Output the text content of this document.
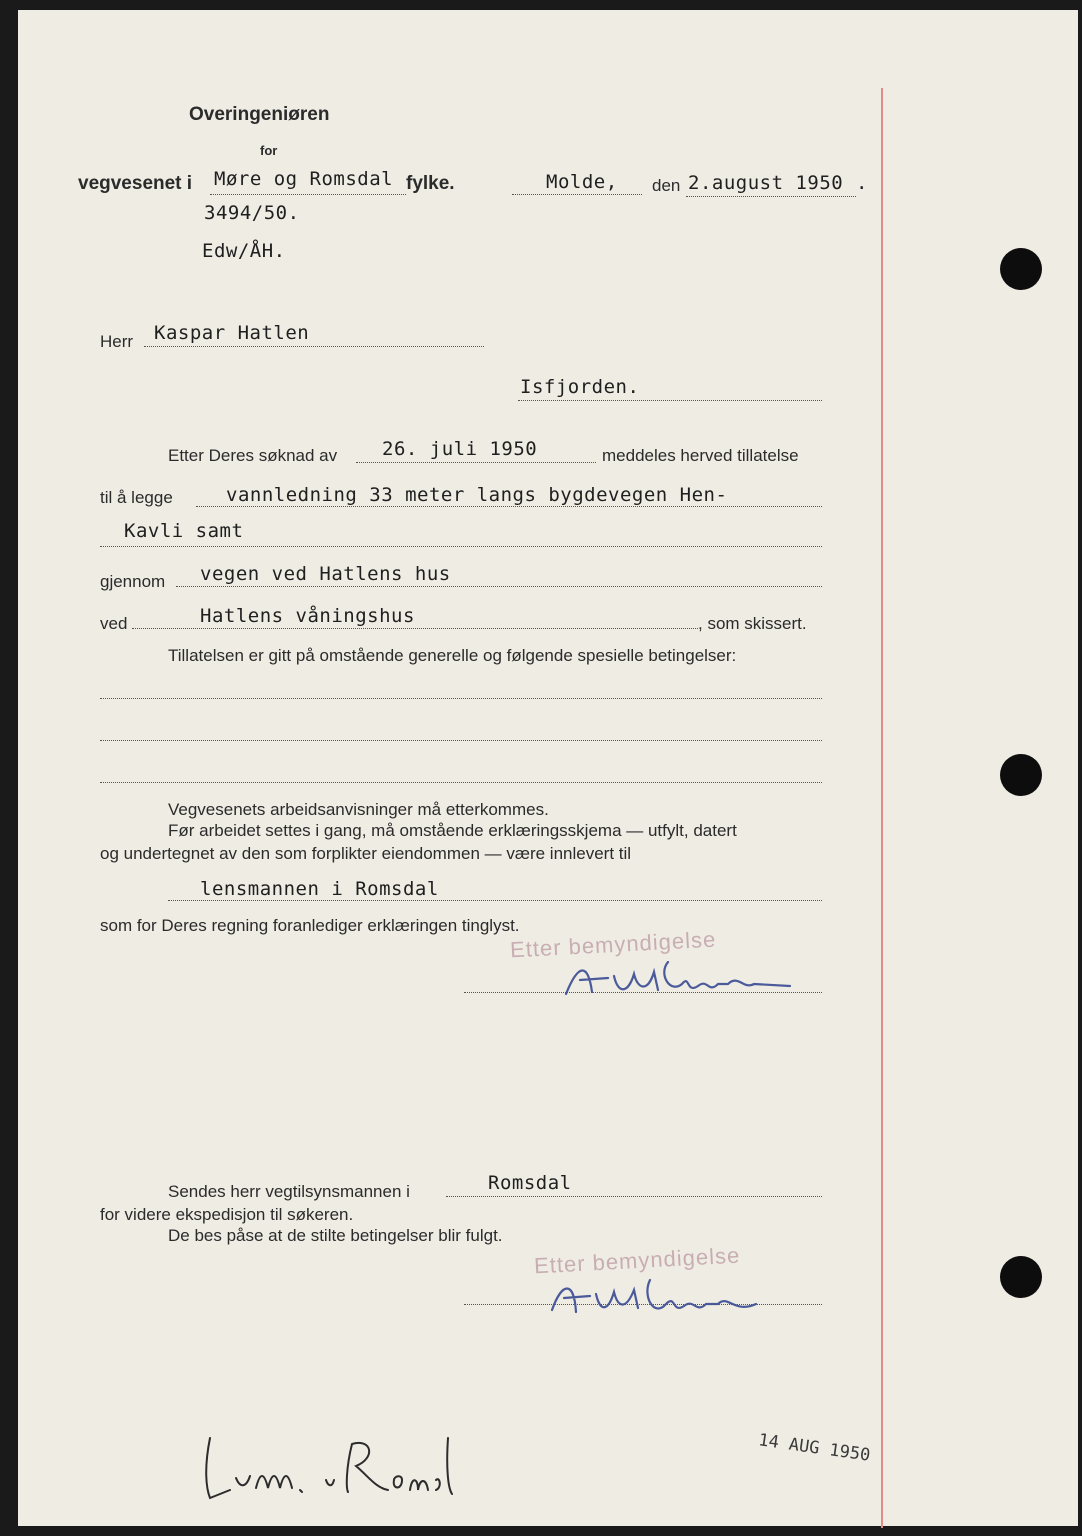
Overingeniøren
for
vegvesenet i Møre og Romsdal fylke.	Molde, den 2.august 1950 .
3494/50.
Edw/ÅH.
Herr Kaspar Hatlen
Isfjorden.
Etter Deres søknad av 26. juli 1950	meddeles herved tillatelse
til å legge	vannledning 33 meter langs bygdevegen Hen-
Kavli samt
gjennom vegen ved Hatlens hus
ved	Hatlens våningshus	, som skissert.
Tillatelsen er gitt på omstående generelle og følgende spesielle betingelser:
Vegvesenets arbeidsanvisninger må etterkommes.
Før arbeidet settes i gang, må omstående erklæringsskjema — utfylt, datert
og undertegnet av den som forplikter eiendommen — være innlevert til
lensmannen i Romsdal
som for Deres regning foranlediger erklæringen tinglyst.
Etter bemyndigelse
Sendes herr vegtilsynsmannen i	Romsdal
for videre ekspedisjon til søkeren.
De bes påse at de stilte betingelser blir fulgt.
Etter bemyndigelse
14 AUG 1950
